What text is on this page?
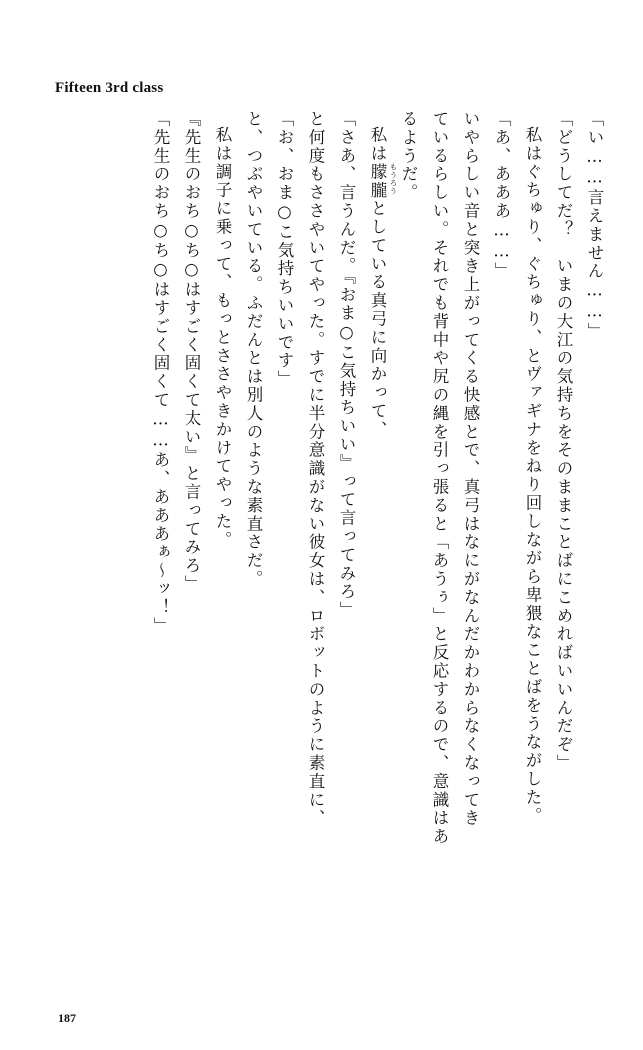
Fifteen 3rd class
「い……言えません……」
「どうしてだ？　いまの大江の気持ちをそのままことばにこめればいいんだぞ」
私はぐちゅり、ぐちゅり、とヴァギナをねり回しながら卑猥なことばをうながした。
「あ、あああ……」
いやらしい音と突き上がってくる快感とで、真弓はなにがなんだかわからなくなってき
ているらしい。それでも背中や尻の縄を引っ張ると「あうぅ」と反応するので、意識はあ
るようだ。
私は朦朧 もうろう
としている真弓に向かって、
「さあ、言うんだ。『おま○こ気持ちいい』って言ってみろ」
と何度もささやいてやった。すでに半分意識がない彼女は、ロボットのように素直に、
「お、おま○こ気持ちいいです」
と、つぶやいている。ふだんとは別人のような素直さだ。
私は調子に乗って、もっとささやきかけてやった。
『先生のおち○ち○はすごく固くて太い』と言ってみろ」
「先生のおち○ち○はすごく固くて……あ、あああぁ～ッ！」
187
